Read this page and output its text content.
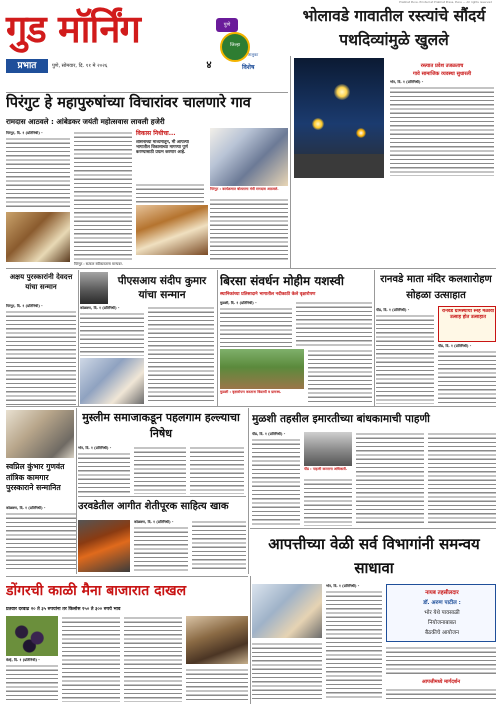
Prabhat Pune. Printed at Prabhat Press, Pune — All rights reserved
गुड मॉर्निंग
प्रभात	पुणे, सोमवार, दि. ११ मे २०२६	४
पुणे
जिल्हा
तालुका
विशेष
भोलावडे गावातील रस्त्यांचे सौंदर्य पथदिव्यांमुळे खुलले
रस्त्यात प्रवेश उजळताच
गावे सामाजिक व्यवस्था सुधारली
भोर, दि. १ (प्रतिनिधी) -
पिरंगुट हे महापुरुषांच्या विचारांवर चालणारे गाव
रामदास आठवले : आंबेडकर जयंती महोत्सवास लावली हजेरी
पिरंगुट, दि. १ (प्रतिनिधी) -	विकास निधीचा...
शासनाच्या माध्यमातून, मी आपल्या भागातील विकासाच्या मागण्या पूर्ण करण्यासाठी प्रयत्न करणार आहे.
पिरंगुट : कार्यक्रमात बोलताना मंत्री रामदास आठवले.
पिरंगुट : सत्कार स्वीकारताना मान्यवर.
अक्षय पुरस्कारांनी देवदत्त यांचा सन्मान
पिरंगुट, दि. १ (प्रतिनिधी) -
पीएसआय संदीप कुमार यांचा सन्मान
कोळवण, दि. १ (प्रतिनिधी) -
बिरसा संवर्धन मोहीम यशस्वी
स्थानिकांच्या प्रतिसादाने भागातील नदीकाठी केले वृक्षारोपण
मुळशी, दि. १ (प्रतिनिधी) -
मुळशी : वृक्षारोपण करताना विद्यार्थी व ग्रामस्थ.
रानवडे माता मंदिर कलशारोहण सोहळा उत्साहात
पौड, दि. १ (प्रतिनिधी) -	रानवडे ग्रामस्थांचा स्नेह मेळावा उत्साह होत उत्साहात
पौड, दि. १ (प्रतिनिधी) -
मुस्लीम समाजाकडून पहलगाम हल्ल्याचा निषेध
भोर, दि. १ (प्रतिनिधी) -
स्वप्निल कुंभार गुणवंत तांत्रिक कामगार पुरस्काराने सन्मानित
कोळवण, दि. १ (प्रतिनिधी) -	उरवडेतील आगीत शेतीपूरक साहित्य खाक
कोळवण, दि. १ (प्रतिनिधी) -
मुळशी तहसील इमारतीच्या बांधकामाची पाहणी
पौड, दि. १ (प्रतिनिधी) -
पौड : पाहणी करताना अधिकारी.
आपत्तीच्या वेळी सर्व विभागांनी समन्वय साधावा
भोर, दि. १ (प्रतिनिधी) -
नायब तहसीलदार
डॉ. अरुण पाटील :
भोर येथे पावसाळी
नियोजनाबाबत
बैठकीचे आयोजन
आपत्तीमध्ये मार्गदर्शन
डोंगरची काळी मैना बाजारात दाखल
प्रतवार दरवाढ २० ते ३५ रुपयांना तर किलोस १५० ते ३०० रुपये भाव
वेल्हे, दि. १ (प्रतिनिधी) -
